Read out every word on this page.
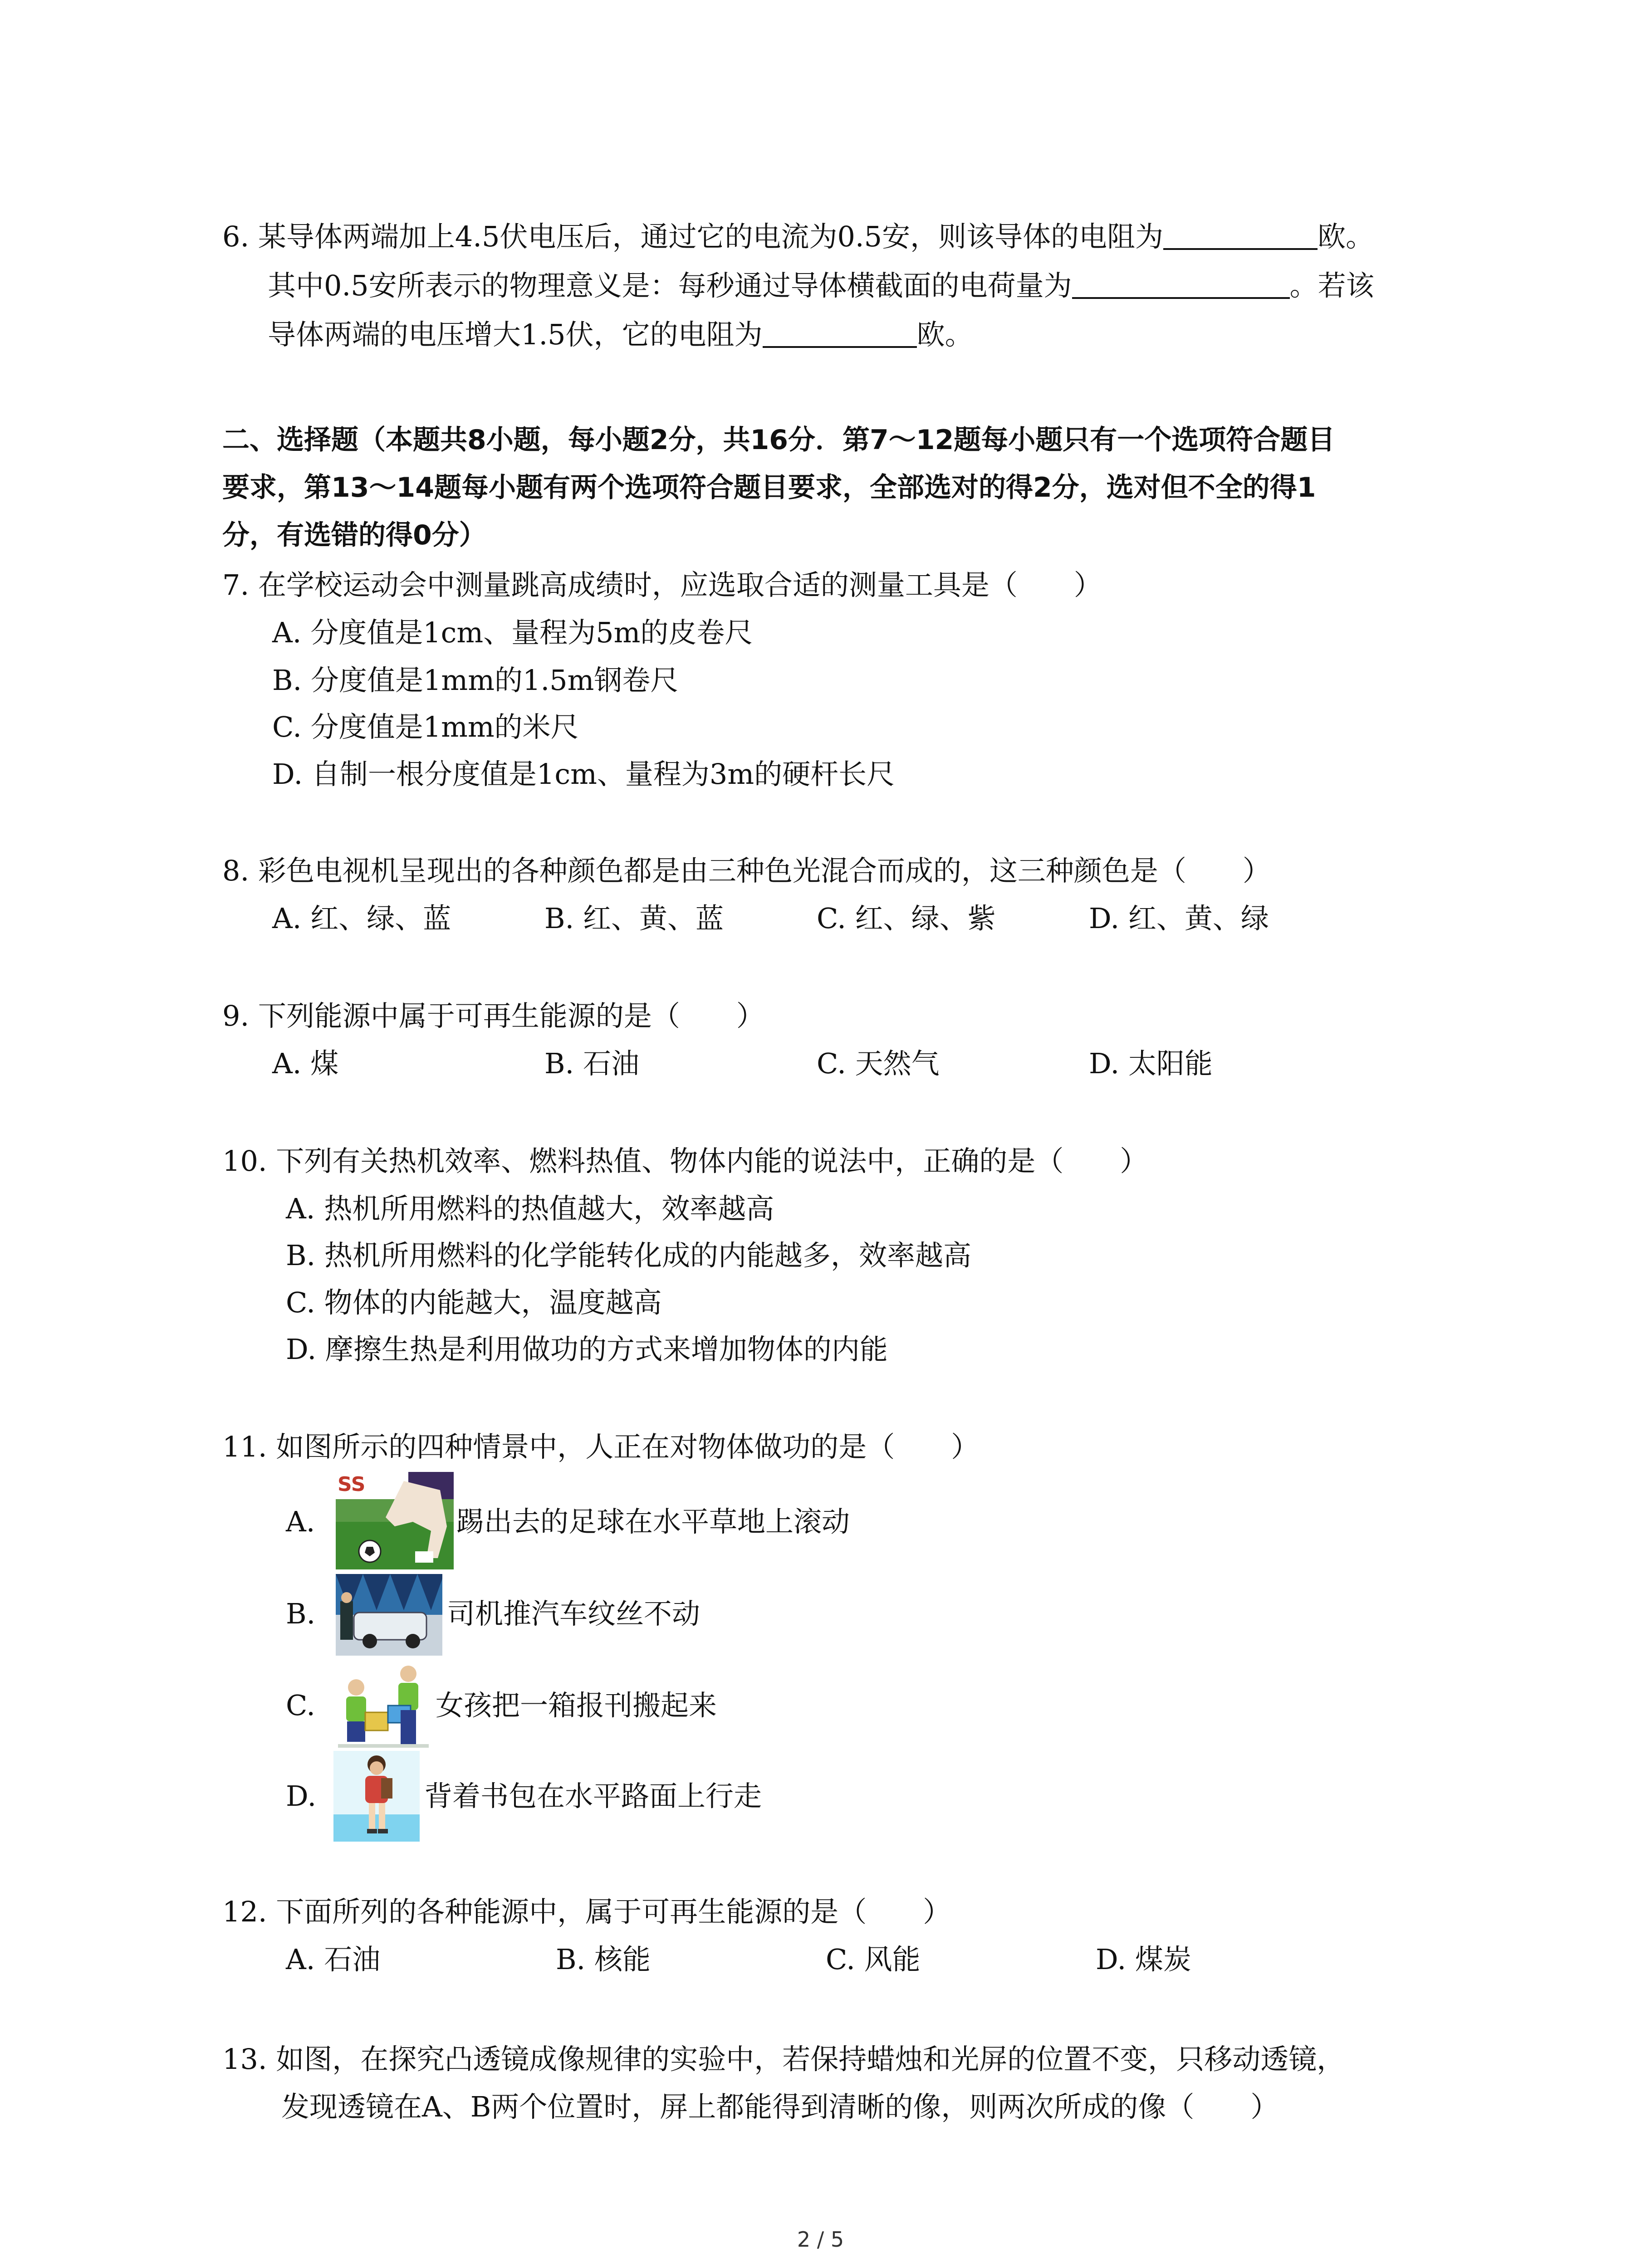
6. 某导体两端加上4.5伏电压后，通过它的电流为0.5安，则该导体的电阻为	欧。
其中0.5安所表示的物理意义是：每秒通过导体横截面的电荷量为	。若该
导体两端的电压增大1.5伏，它的电阻为	欧。
二、选择题（本题共8小题，每小题2分，共16分．第7～12题每小题只有一个选项符合题目
要求，第13～14题每小题有两个选项符合题目要求，全部选对的得2分，选对但不全的得1
分，有选错的得0分）
7. 在学校运动会中测量跳高成绩时，应选取合适的测量工具是（　　）
A. 分度值是1cm、量程为5m的皮卷尺
B. 分度值是1mm的1.5m钢卷尺
C. 分度值是1mm的米尺
D. 自制一根分度值是1cm、量程为3m的硬杆长尺
8. 彩色电视机呈现出的各种颜色都是由三种色光混合而成的，这三种颜色是（　　）
A. 红、绿、蓝	B. 红、黄、蓝	C. 红、绿、紫	D. 红、黄、绿
9. 下列能源中属于可再生能源的是（　　）
A. 煤	B. 石油	C. 天然气	D. 太阳能
10. 下列有关热机效率、燃料热值、物体内能的说法中，正确的是（　　）
A. 热机所用燃料的热值越大，效率越高
B. 热机所用燃料的化学能转化成的内能越多，效率越高
C. 物体的内能越大，温度越高
D. 摩擦生热是利用做功的方式来增加物体的内能
11. 如图所示的四种情景中，人正在对物体做功的是（　　）
A.
SS
踢出去的足球在水平草地上滚动
B.	司机推汽车纹丝不动
C.	女孩把一箱报刊搬起来
D.	背着书包在水平路面上行走
12. 下面所列的各种能源中，属于可再生能源的是（　　）
A. 石油	B. 核能	C. 风能	D. 煤炭
13. 如图，在探究凸透镜成像规律的实验中，若保持蜡烛和光屏的位置不变，只移动透镜，
发现透镜在A、B两个位置时，屏上都能得到清晰的像，则两次所成的像（　　）
2 / 5
